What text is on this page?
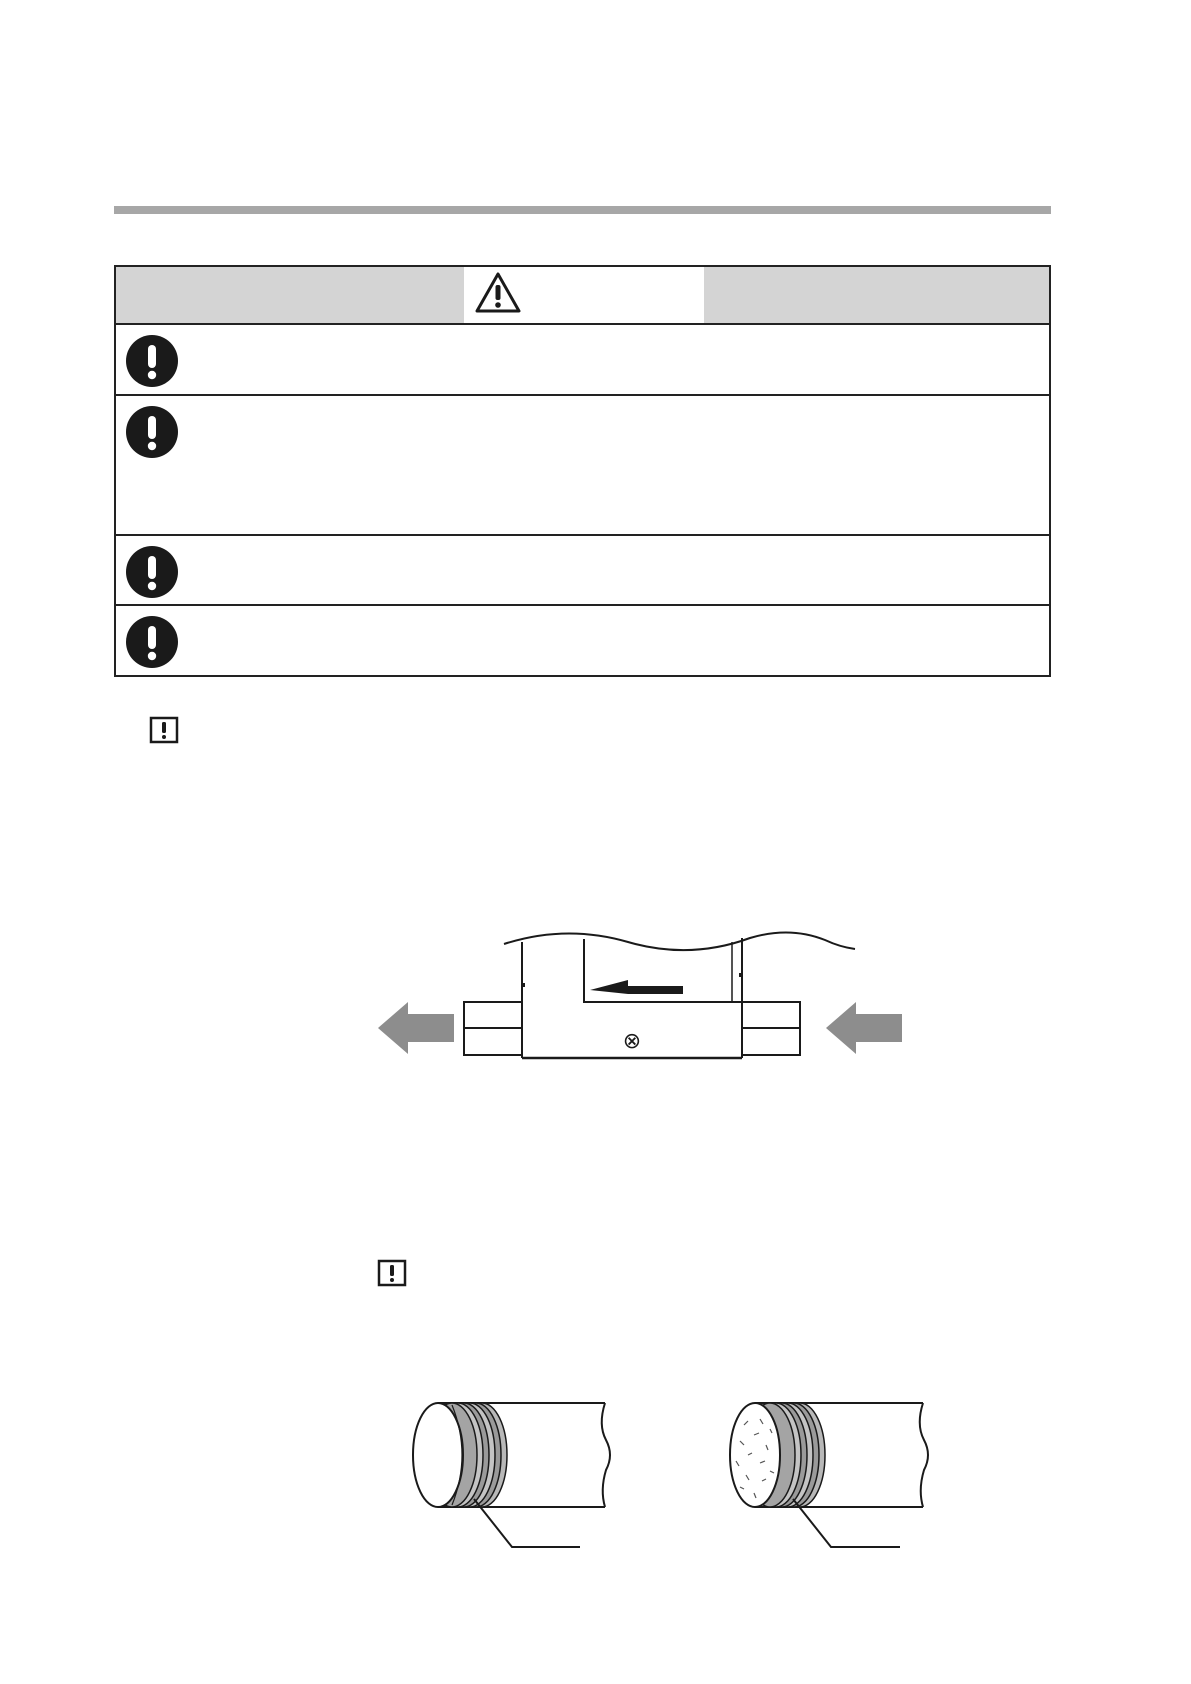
⊗
